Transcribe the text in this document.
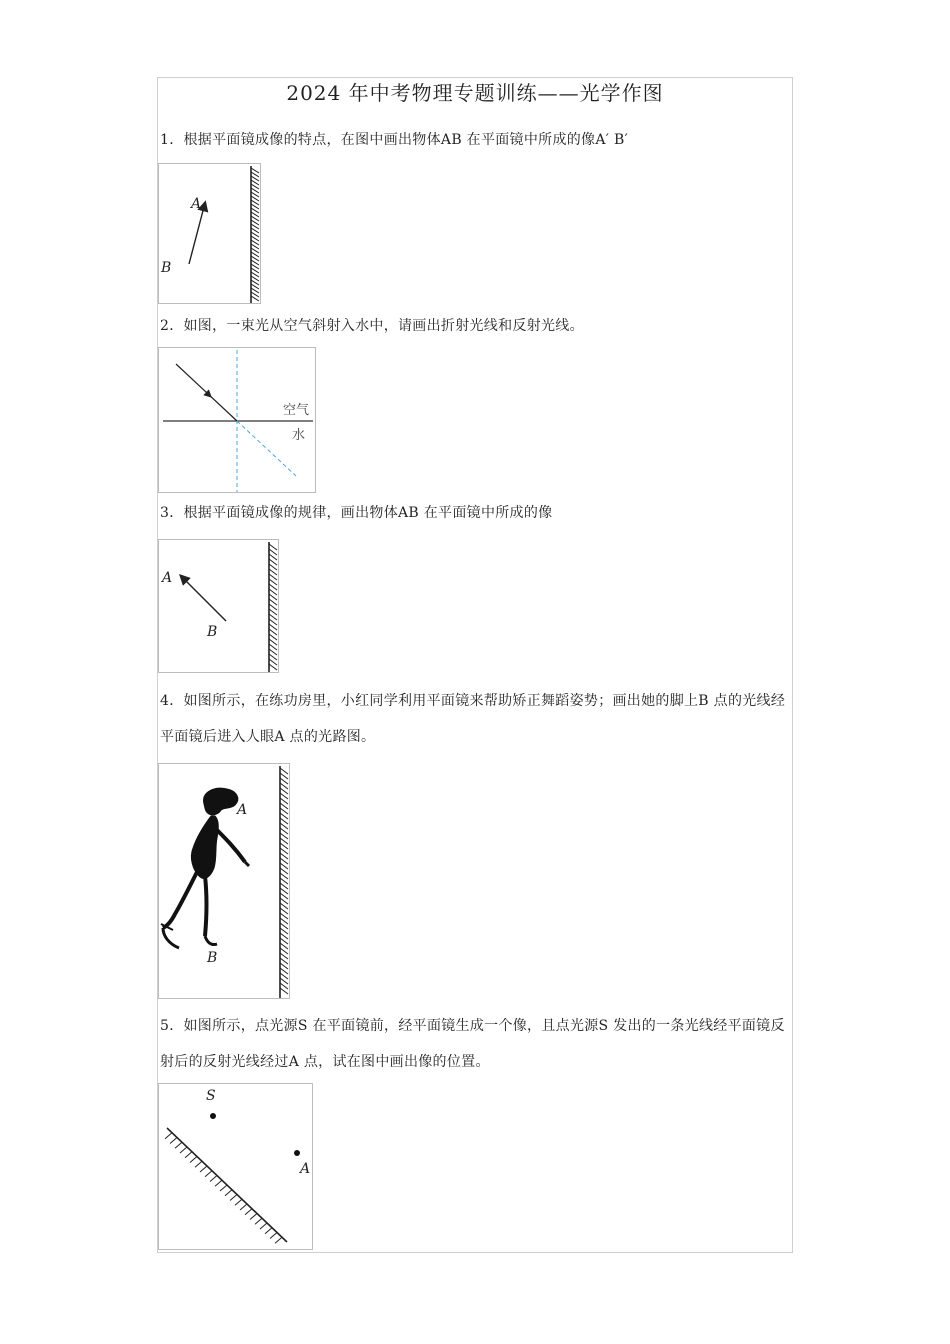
2024 年中考物理专题训练——光学作图
1．根据平面镜成像的特点，在图中画出物体AB 在平面镜中所成的像A′ B′
A
B
2．如图，一束光从空气斜射入水中，请画出折射光线和反射光线。
空气
水
3．根据平面镜成像的规律，画出物体AB 在平面镜中所成的像
A
B
4．如图所示，在练功房里，小红同学利用平面镜来帮助矫正舞蹈姿势；画出她的脚上B 点的光线经平面镜后进入人眼A 点的光路图。
A
B
5．如图所示，点光源S 在平面镜前，经平面镜生成一个像，且点光源S 发出的一条光线经平面镜反射后的反射光线经过A 点，试在图中画出像的位置。
S
A
